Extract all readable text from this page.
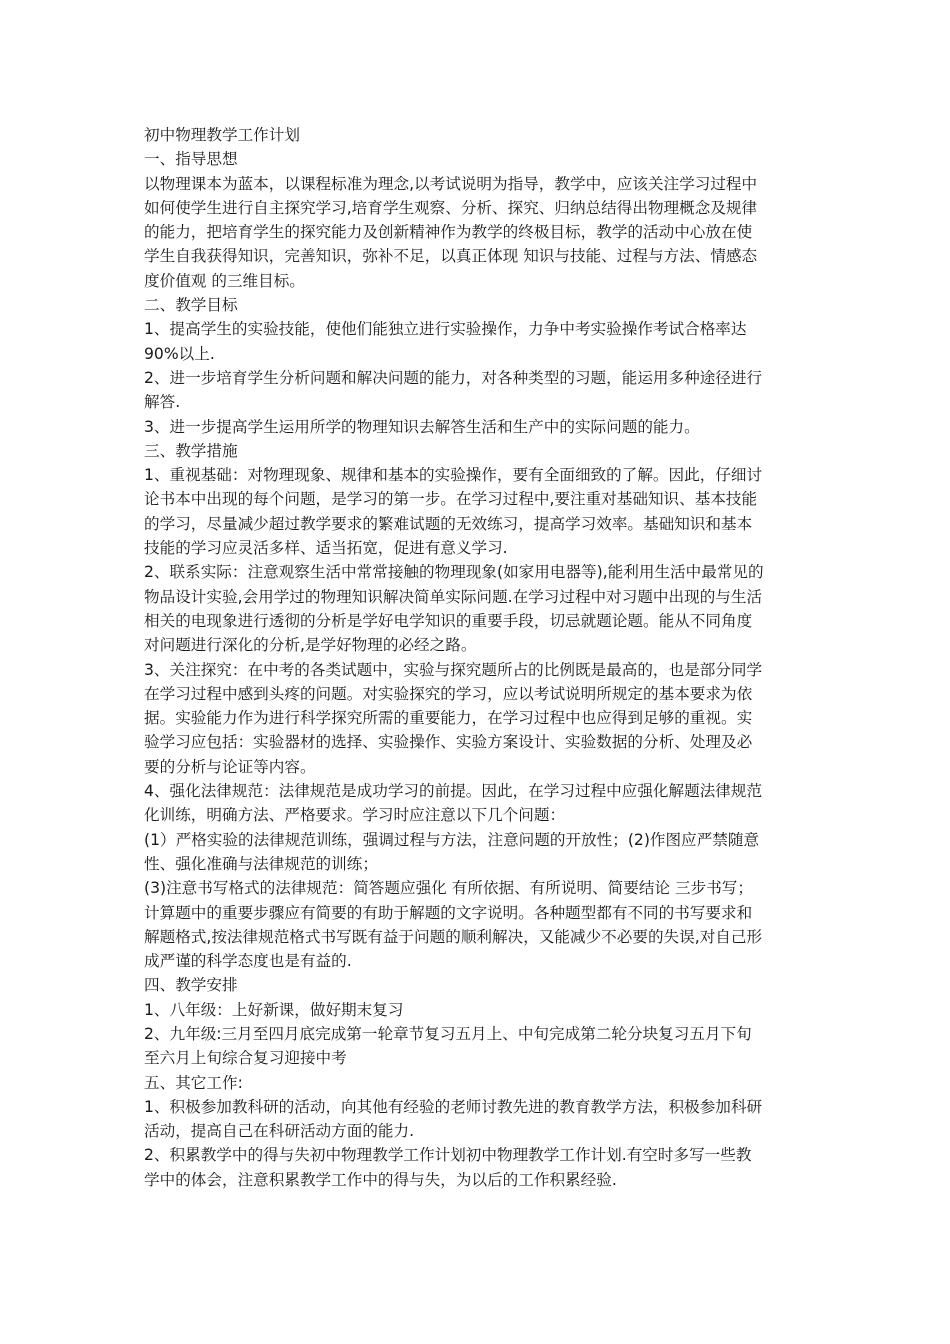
初中物理教学工作计划
一、指导思想
以物理课本为蓝本，以课程标准为理念,以考试说明为指导，教学中，应该关注学习过程中
如何使学生进行自主探究学习,培育学生观察、分析、探究、归纳总结得出物理概念及规律
的能力，把培育学生的探究能力及创新精神作为教学的终极目标，教学的活动中心放在使
学生自我获得知识，完善知识，弥补不足，以真正体现 知识与技能、过程与方法、情感态
度价值观 的三维目标。
二、教学目标
1、提高学生的实验技能，使他们能独立进行实验操作，力争中考实验操作考试合格率达
90%以上.
2、进一步培育学生分析问题和解决问题的能力，对各种类型的习题，能运用多种途径进行
解答.
3、进一步提高学生运用所学的物理知识去解答生活和生产中的实际问题的能力。
三、教学措施
1、重视基础：对物理现象、规律和基本的实验操作，要有全面细致的了解。因此，仔细讨
论书本中出现的每个问题，是学习的第一步。在学习过程中,要注重对基础知识、基本技能
的学习，尽量减少超过教学要求的繁难试题的无效练习，提高学习效率。基础知识和基本
技能的学习应灵活多样、适当拓宽，促进有意义学习.
2、联系实际：注意观察生活中常常接触的物理现象(如家用电器等),能利用生活中最常见的
物品设计实验,会用学过的物理知识解决简单实际问题.在学习过程中对习题中出现的与生活
相关的电现象进行透彻的分析是学好电学知识的重要手段，切忌就题论题。能从不同角度
对问题进行深化的分析,是学好物理的必经之路。
3、关注探究：在中考的各类试题中，实验与探究题所占的比例既是最高的，也是部分同学
在学习过程中感到头疼的问题。对实验探究的学习，应以考试说明所规定的基本要求为依
据。实验能力作为进行科学探究所需的重要能力，在学习过程中也应得到足够的重视。实
验学习应包括：实验器材的选择、实验操作、实验方案设计、实验数据的分析、处理及必
要的分析与论证等内容。
4、强化法律规范：法律规范是成功学习的前提。因此，在学习过程中应强化解题法律规范
化训练，明确方法、严格要求。学习时应注意以下几个问题：
(1）严格实验的法律规范训练，强调过程与方法，注意问题的开放性；(2)作图应严禁随意
性、强化准确与法律规范的训练；
(3)注意书写格式的法律规范：简答题应强化 有所依据、有所说明、简要结论 三步书写；
计算题中的重要步骤应有简要的有助于解题的文字说明。各种题型都有不同的书写要求和
解题格式,按法律规范格式书写既有益于问题的顺利解决，又能减少不必要的失误,对自己形
成严谨的科学态度也是有益的.
四、教学安排
1、八年级：上好新课，做好期末复习
2、九年级:三月至四月底完成第一轮章节复习五月上、中旬完成第二轮分块复习五月下旬
至六月上旬综合复习迎接中考
五、其它工作:
1、积极参加教科研的活动，向其他有经验的老师讨教先进的教育教学方法，积极参加科研
活动，提高自己在科研活动方面的能力.
2、积累教学中的得与失初中物理教学工作计划初中物理教学工作计划.有空时多写一些教
学中的体会，注意积累教学工作中的得与失，为以后的工作积累经验.
